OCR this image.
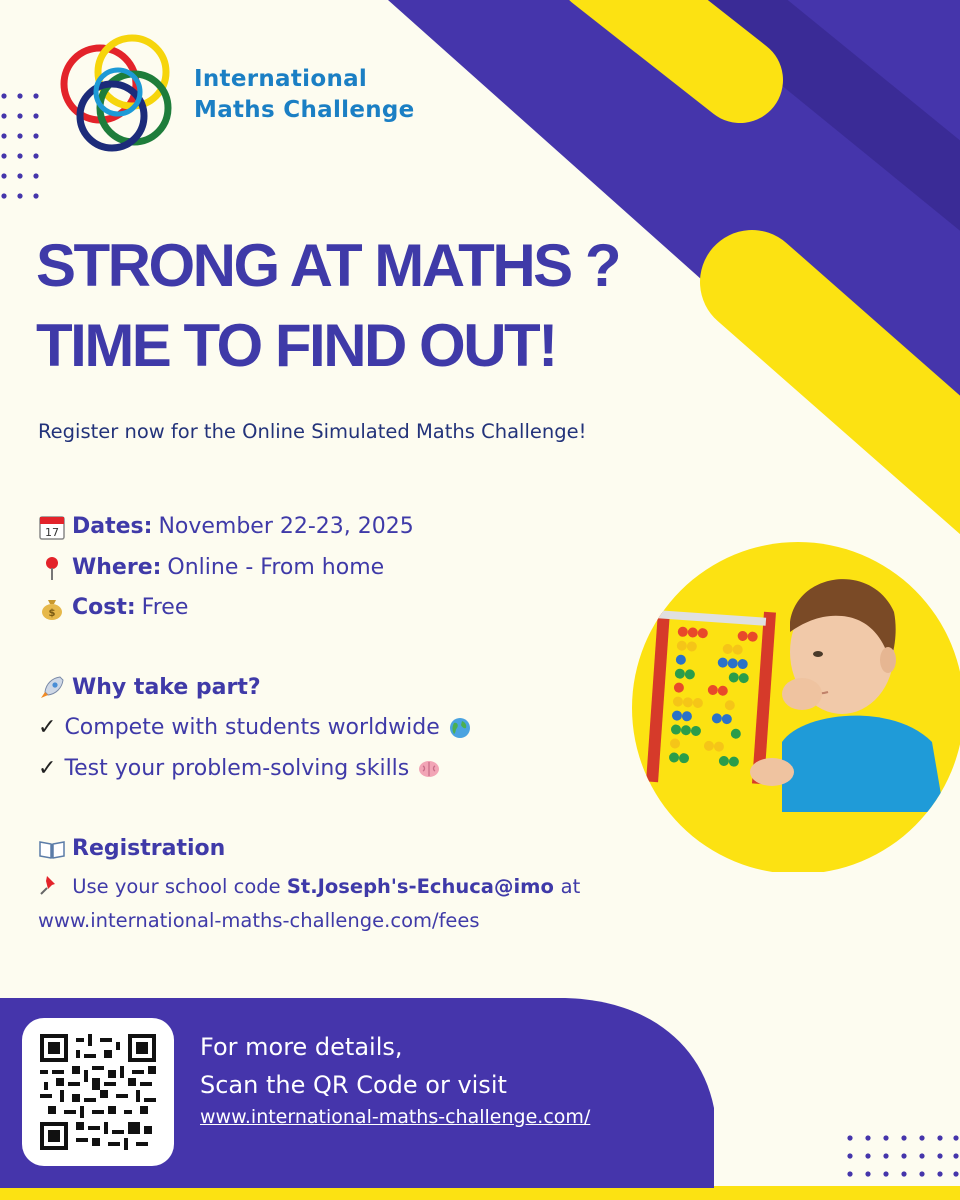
International
Maths Challenge
STRONG AT MATHS ?
TIME TO FIND OUT!
Register now for the Online Simulated Maths Challenge!
17 Dates: November 22-23, 2025
Where: Online - From home
$ Cost: Free
Why take part?
✓ Compete with students worldwide
✓ Test your problem-solving skills
Registration
Use your school code St.Joseph's-Echuca@imo at
www.international-maths-challenge.com/fees
For more details,
Scan the QR Code or visit
www.international-maths-challenge.com/
